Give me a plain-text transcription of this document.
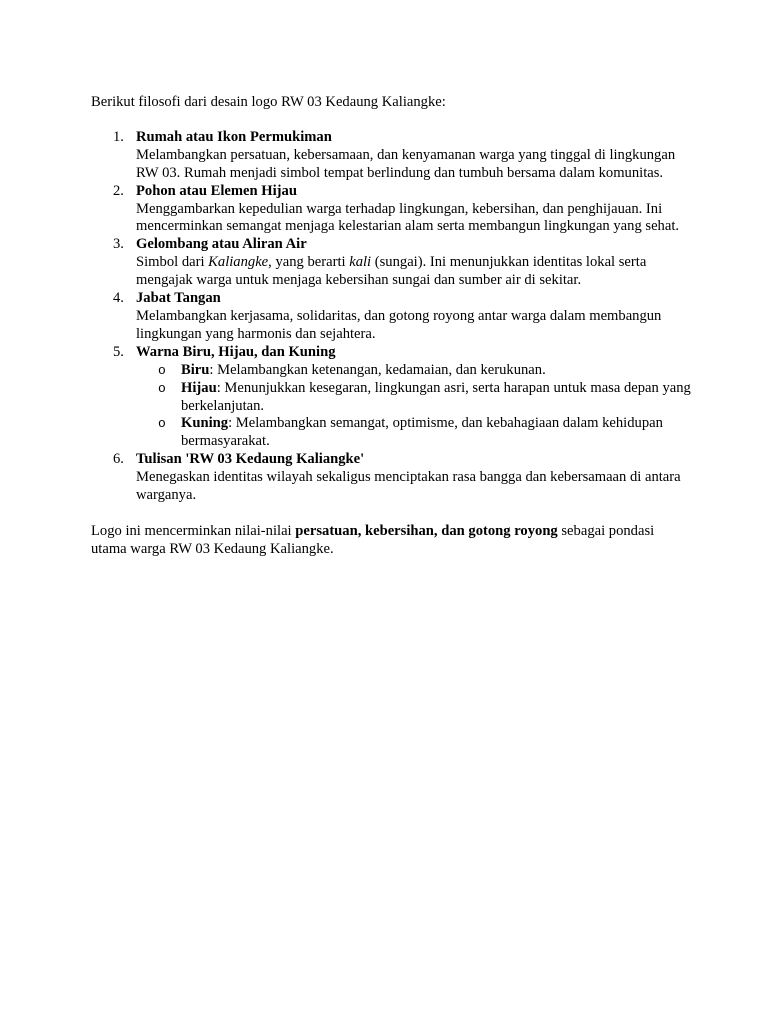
Berikut filosofi dari desain logo RW 03 Kedaung Kaliangke:

1. Rumah atau Ikon Permukiman
Melambangkan persatuan, kebersamaan, dan kenyamanan warga yang tinggal di lingkungan RW 03. Rumah menjadi simbol tempat berlindung dan tumbuh bersama dalam komunitas.
2. Pohon atau Elemen Hijau
Menggambarkan kepedulian warga terhadap lingkungan, kebersihan, dan penghijauan. Ini mencerminkan semangat menjaga kelestarian alam serta membangun lingkungan yang sehat.
3. Gelombang atau Aliran Air
Simbol dari Kaliangke, yang berarti kali (sungai). Ini menunjukkan identitas lokal serta mengajak warga untuk menjaga kebersihan sungai dan sumber air di sekitar.
4. Jabat Tangan
Melambangkan kerjasama, solidaritas, dan gotong royong antar warga dalam membangun lingkungan yang harmonis dan sejahtera.
5. Warna Biru, Hijau, dan Kuning
o Biru: Melambangkan ketenangan, kedamaian, dan kerukunan.
o Hijau: Menunjukkan kesegaran, lingkungan asri, serta harapan untuk masa depan yang berkelanjutan.
o Kuning: Melambangkan semangat, optimisme, dan kebahagiaan dalam kehidupan bermasyarakat.
6. Tulisan 'RW 03 Kedaung Kaliangke'
Menegaskan identitas wilayah sekaligus menciptakan rasa bangga dan kebersamaan di antara warganya.

Logo ini mencerminkan nilai-nilai persatuan, kebersihan, dan gotong royong sebagai pondasi utama warga RW 03 Kedaung Kaliangke.
